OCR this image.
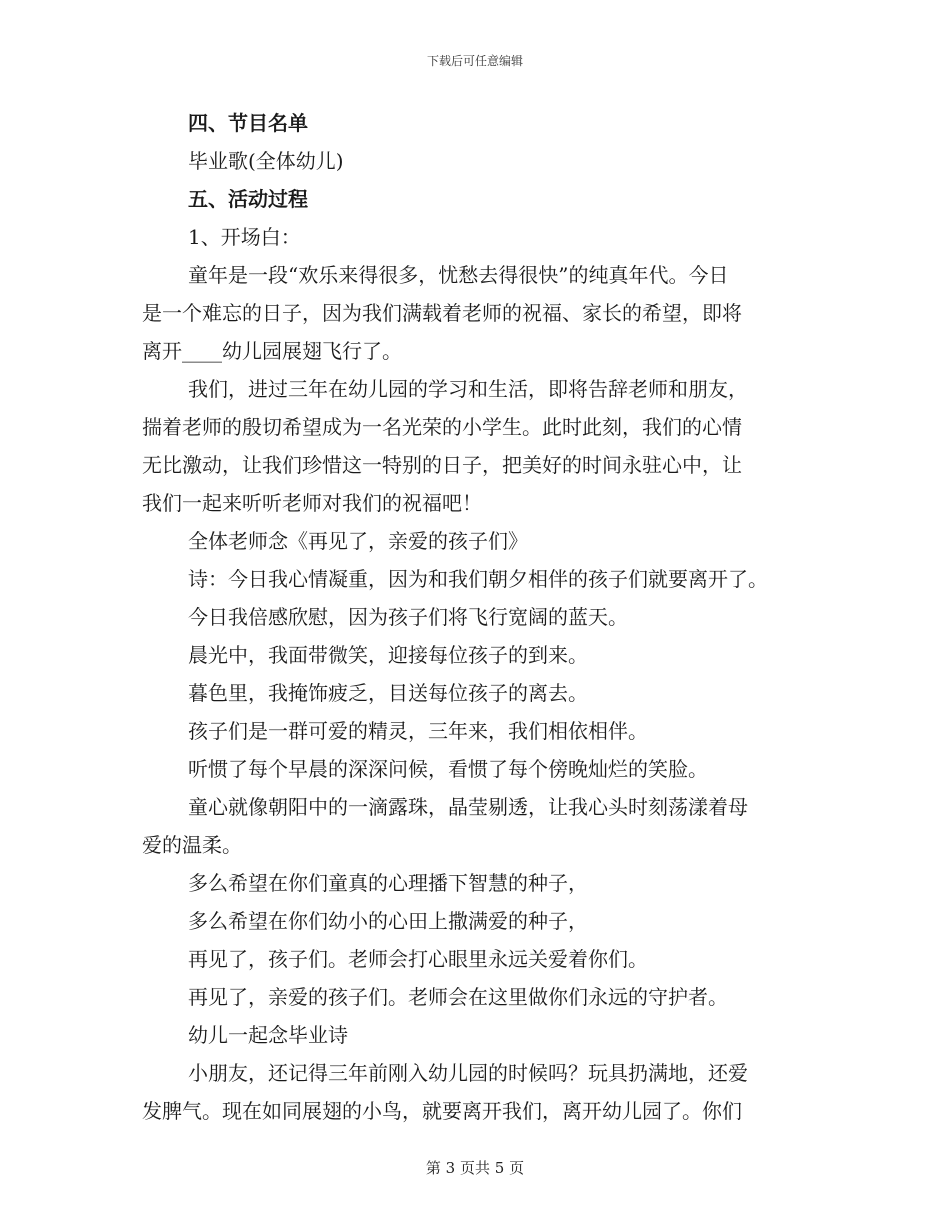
下载后可任意编辑
四、节目名单
毕业歌(全体幼儿)
五、活动过程
1、开场白：
童年是一段“欢乐来得很多，忧愁去得很快”的纯真年代。今日
是一个难忘的日子，因为我们满载着老师的祝福、家长的希望，即将
离开____幼儿园展翅飞行了。
我们，进过三年在幼儿园的学习和生活，即将告辞老师和朋友，
揣着老师的殷切希望成为一名光荣的小学生。此时此刻，我们的心情
无比激动，让我们珍惜这一特别的日子，把美好的时间永驻心中，让
我们一起来听听老师对我们的祝福吧！
全体老师念《再见了，亲爱的孩子们》
诗：今日我心情凝重，因为和我们朝夕相伴的孩子们就要离开了。
今日我倍感欣慰，因为孩子们将飞行宽阔的蓝天。
晨光中，我面带微笑，迎接每位孩子的到来。
暮色里，我掩饰疲乏，目送每位孩子的离去。
孩子们是一群可爱的精灵，三年来，我们相依相伴。
听惯了每个早晨的深深问候，看惯了每个傍晚灿烂的笑脸。
童心就像朝阳中的一滴露珠，晶莹剔透，让我心头时刻荡漾着母
爱的温柔。
多么希望在你们童真的心理播下智慧的种子，
多么希望在你们幼小的心田上撒满爱的种子，
再见了，孩子们。老师会打心眼里永远关爱着你们。
再见了，亲爱的孩子们。老师会在这里做你们永远的守护者。
幼儿一起念毕业诗
小朋友，还记得三年前刚入幼儿园的时候吗？玩具扔满地，还爱
发脾气。现在如同展翅的小鸟，就要离开我们，离开幼儿园了。你们
第 3 页共 5 页
